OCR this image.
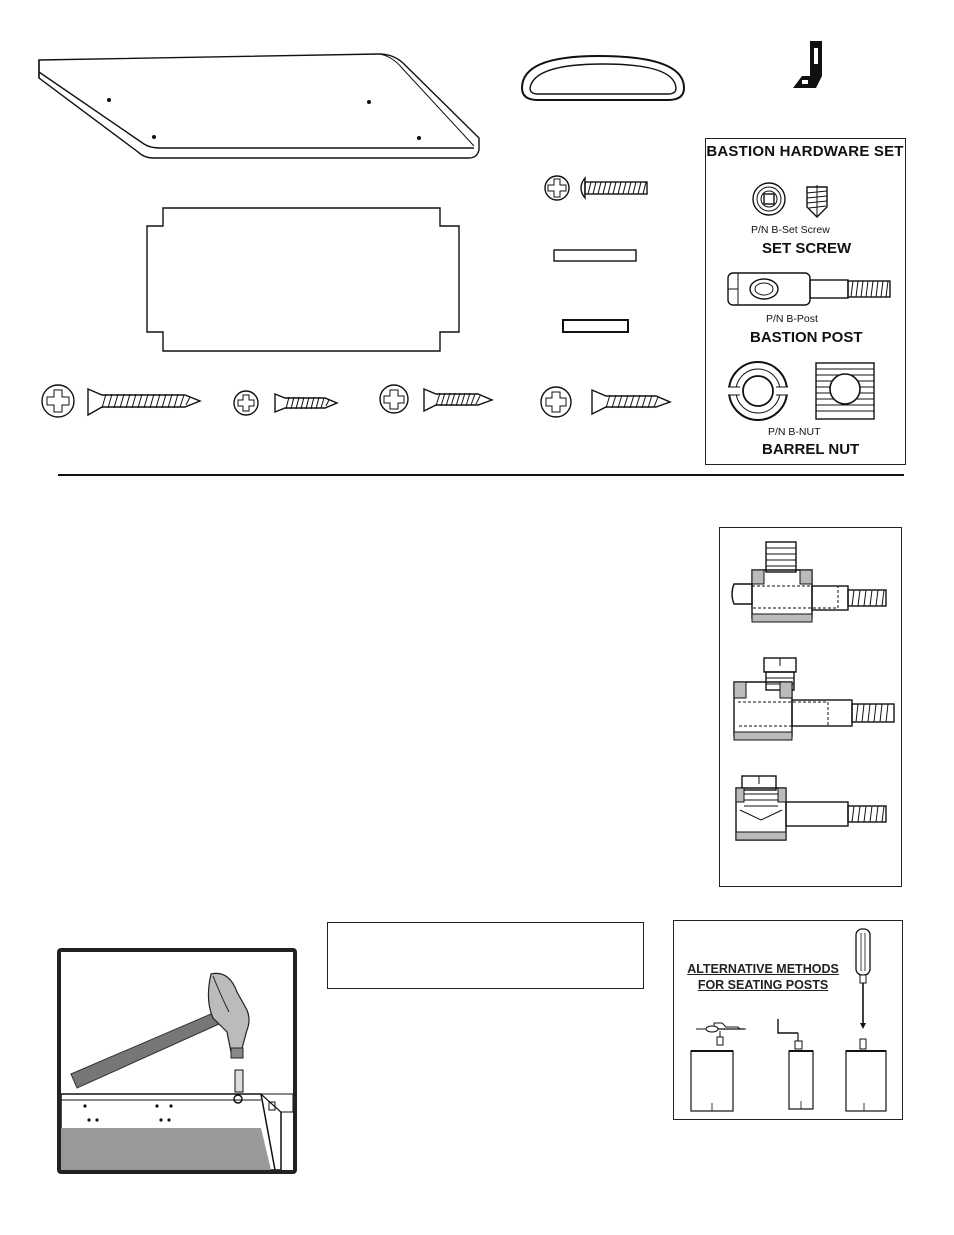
BASTION HARDWARE SET
P/N B-Set Screw
SET SCREW
P/N B-Post
BASTION POST
P/N B-NUT
BARREL NUT
ALTERNATIVE METHODS
FOR SEATING POSTS
